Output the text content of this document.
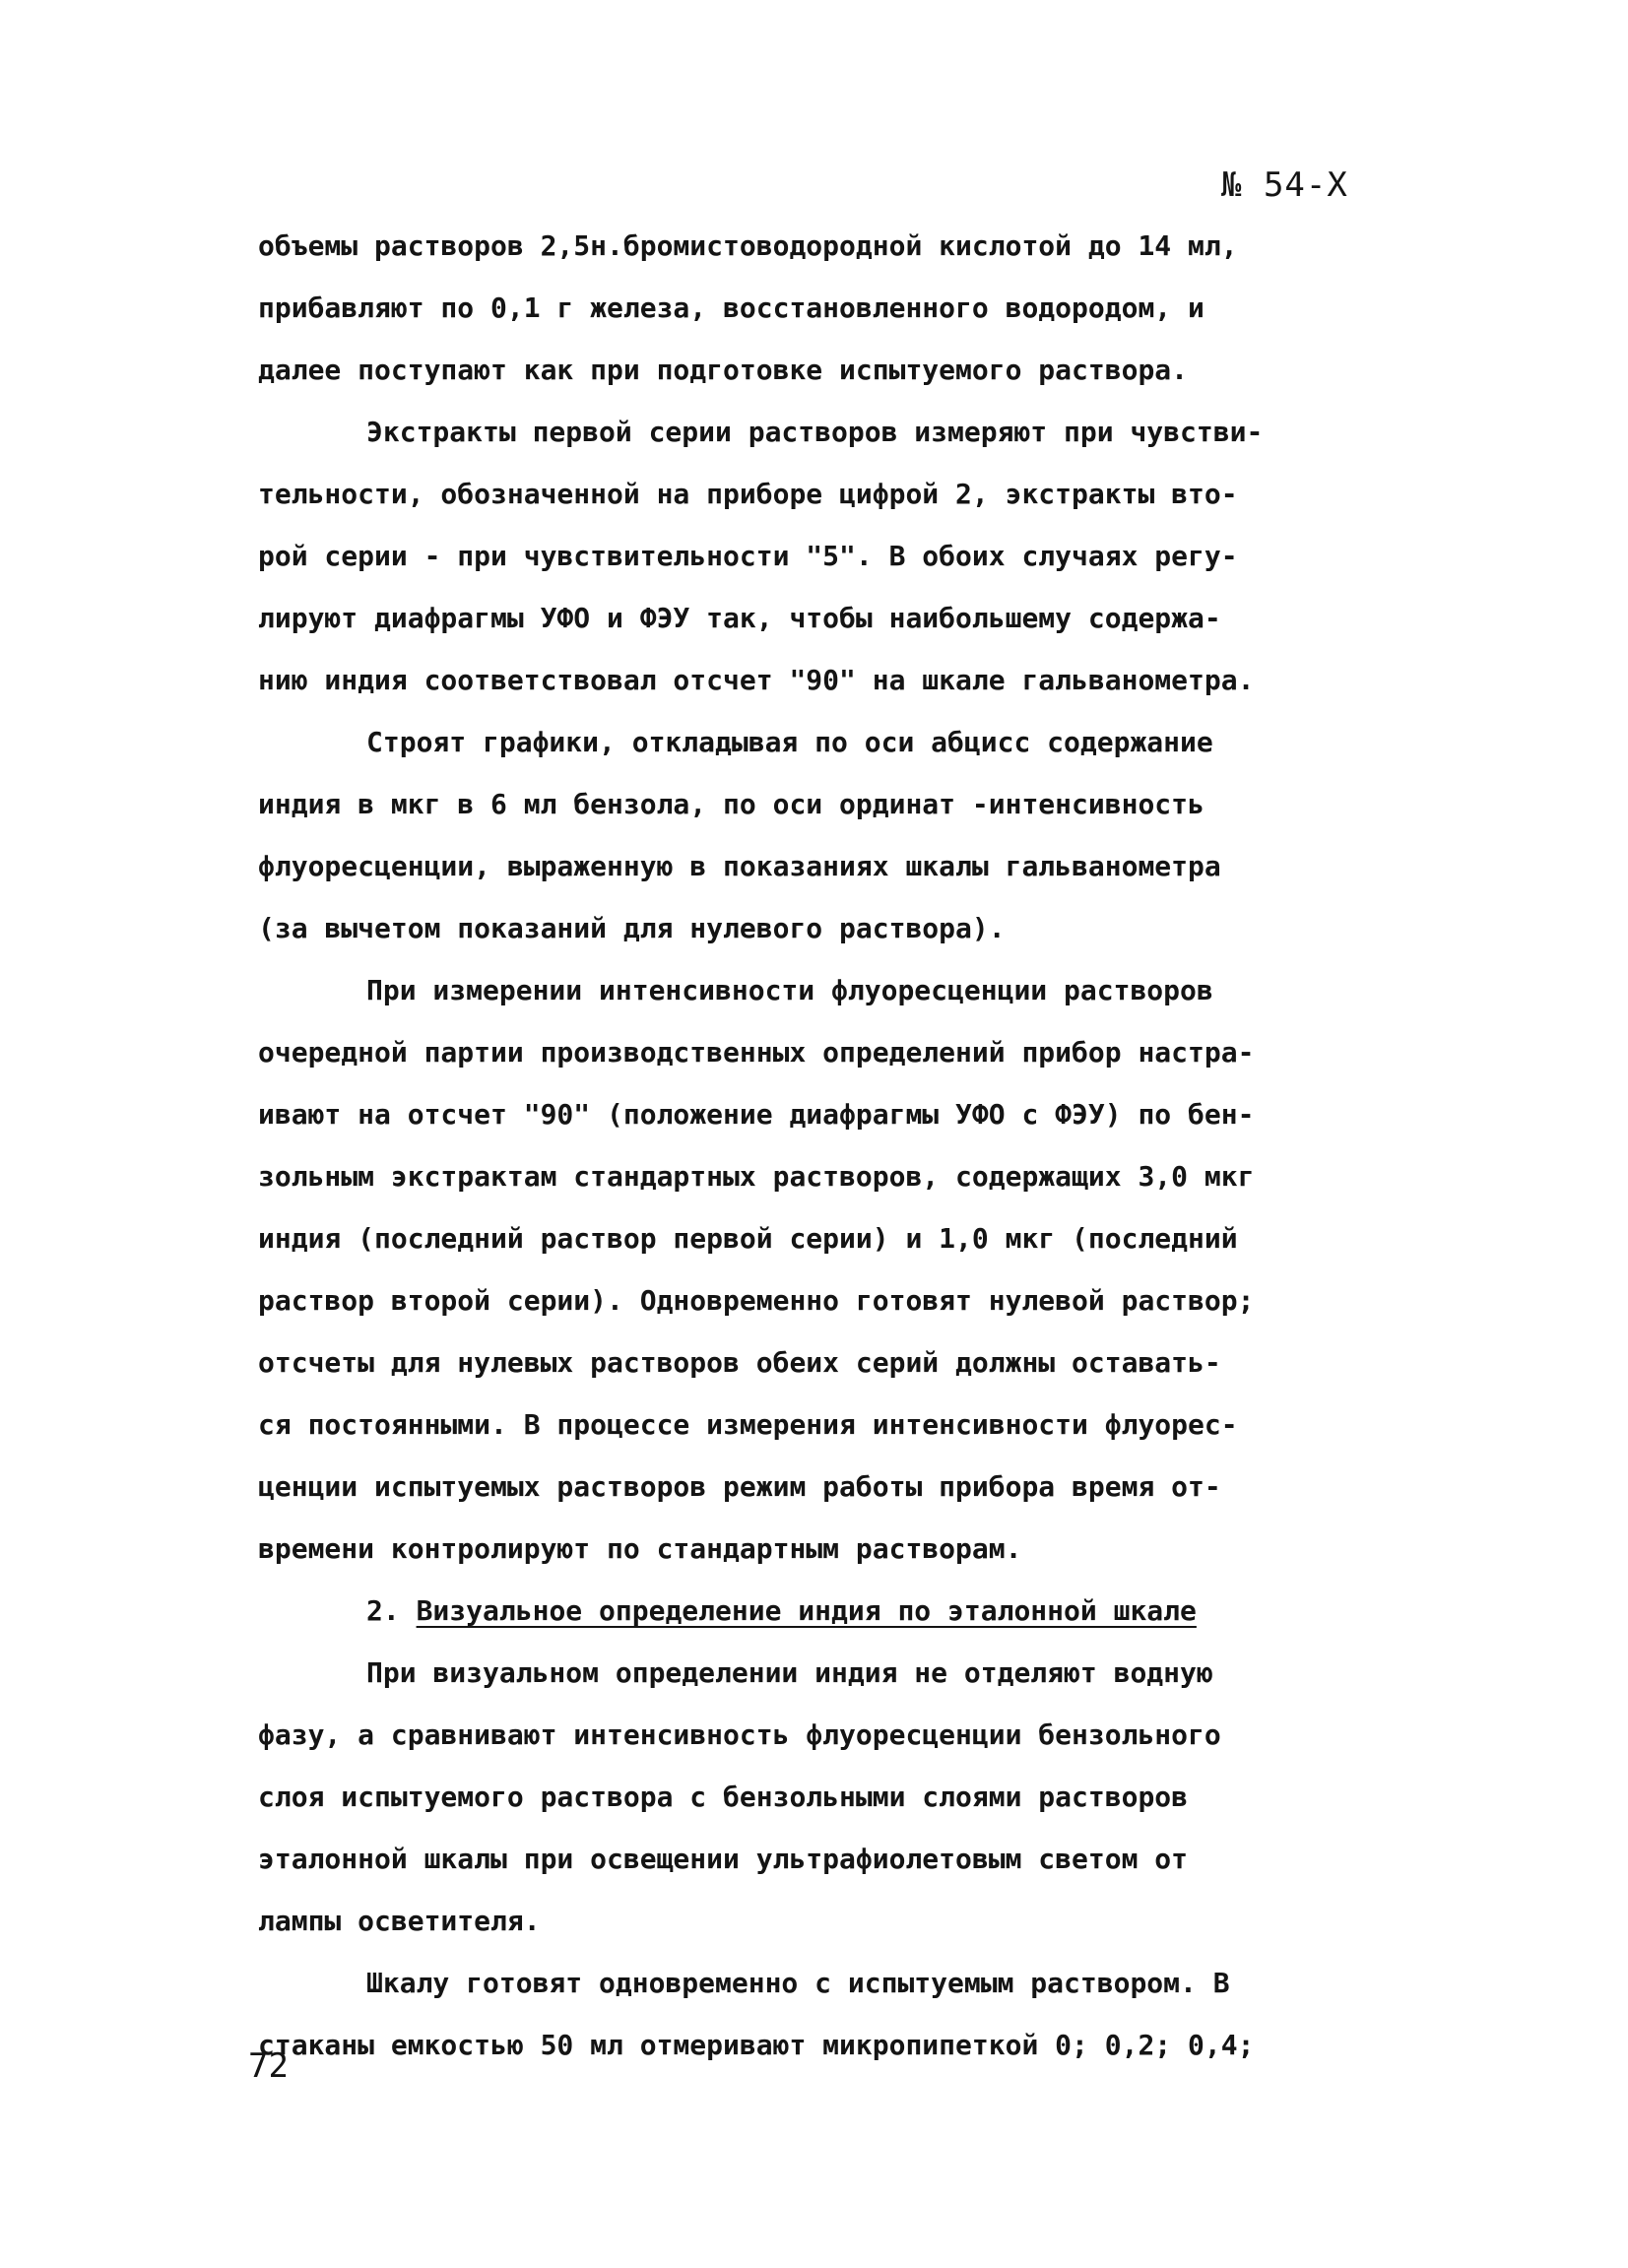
№ 54-Х
объемы растворов 2,5н.бромистоводородной кислотой до 14 мл,
прибавляют по 0,1 г железа, восстановленного водородом, и
далее поступают как при подготовке испытуемого раствора.
Экстракты первой серии растворов измеряют при чувстви-
тельности, обозначенной на приборе цифрой 2, экстракты вто-
рой серии - при чувствительности "5". В обоих случаях регу-
лируют диафрагмы УФО и ФЭУ так, чтобы наибольшему содержа-
нию индия соответствовал отсчет "90" на шкале гальванометра.
Строят графики, откладывая по оси абцисс содержание
индия в мкг в 6 мл бензола, по оси ординат -интенсивность
флуоресценции, выраженную в показаниях шкалы гальванометра
(за вычетом показаний для нулевого раствора).
При измерении интенсивности флуоресценции растворов
очередной партии производственных определений прибор настра-
ивают на отсчет "90" (положение диафрагмы УФО с ФЭУ) по бен-
зольным экстрактам стандартных растворов, содержащих 3,0 мкг
индия (последний раствор первой серии) и 1,0 мкг (последний
раствор второй серии). Одновременно готовят нулевой раствор;
отсчеты для нулевых растворов обеих серий должны оставать-
ся постоянными. В процессе измерения интенсивности флуорес-
ценции испытуемых растворов режим работы прибора время от-
времени контролируют по стандартным растворам.
2. Визуальное определение индия по эталонной шкале
При визуальном определении индия не отделяют водную
фазу, а сравнивают интенсивность флуоресценции бензольного
слоя испытуемого раствора с бензольными слоями растворов
эталонной шкалы при освещении ультрафиолетовым светом от
лампы осветителя.
Шкалу готовят одновременно с испытуемым раствором. В
стаканы емкостью 50 мл отмеривают микропипеткой 0; 0,2; 0,4;
72
